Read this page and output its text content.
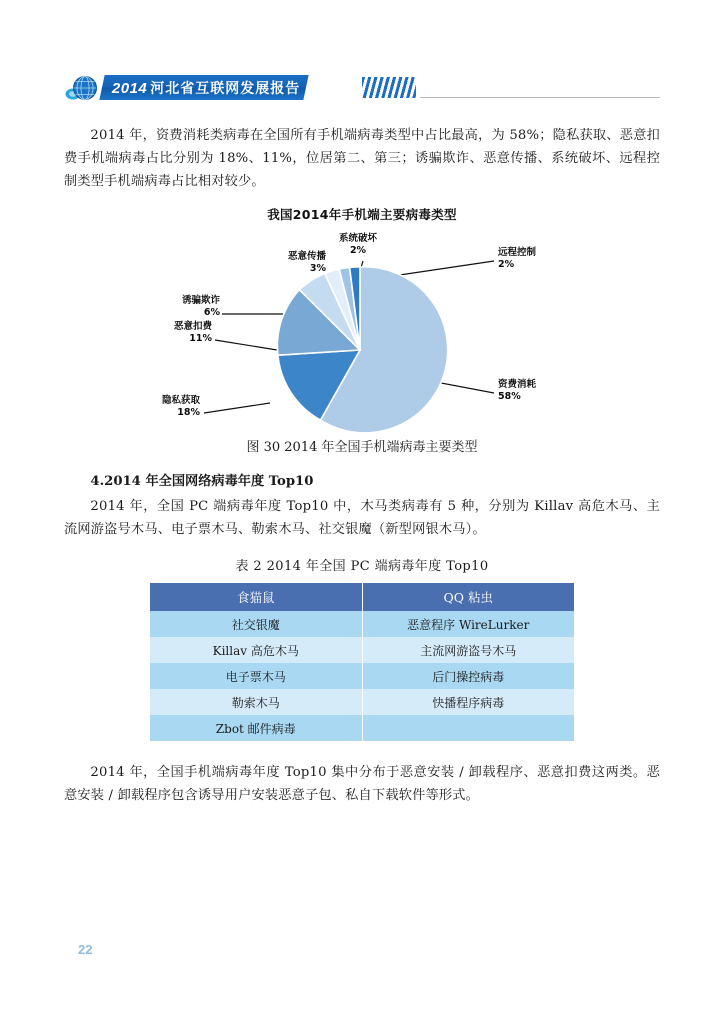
2014 河北省互联网发展报告

2014 年，资费消耗类病毒在全国所有手机端病毒类型中占比最高，为 58%；隐私获取、恶意扣费手机端病毒占比分别为 18%、11%，位居第二、第三；诱骗欺诈、恶意传播、系统破坏、远程控制类型手机端病毒占比相对较少。

我国2014年手机端主要病毒类型
系统破坏
2%
恶意传播
3%
远程控制
2%
诱骗欺诈
6%
恶意扣费
11%
隐私获取
18%
资费消耗
58%
图 30 2014 年全国手机端病毒主要类型
4.2014 年全国网络病毒年度 Top10

2014 年，全国 PC 端病毒年度 Top10 中，木马类病毒有 5 种，分别为 Killav 高危木马、主流网游盗号木马、电子票木马、勒索木马、社交银魔（新型网银木马）。

表 2 2014 年全国 PC 端病毒年度 Top10
食猫鼠	QQ 粘虫
社交银魔	恶意程序 WireLurker
Killav 高危木马	主流网游盗号木马
电子票木马	后门操控病毒
勒索木马	快播程序病毒
Zbot 邮件病毒	

2014 年，全国手机端病毒年度 Top10 集中分布于恶意安装 / 卸载程序、恶意扣费这两类。恶意安装 / 卸载程序包含诱导用户安装恶意子包、私自下载软件等形式。

22
